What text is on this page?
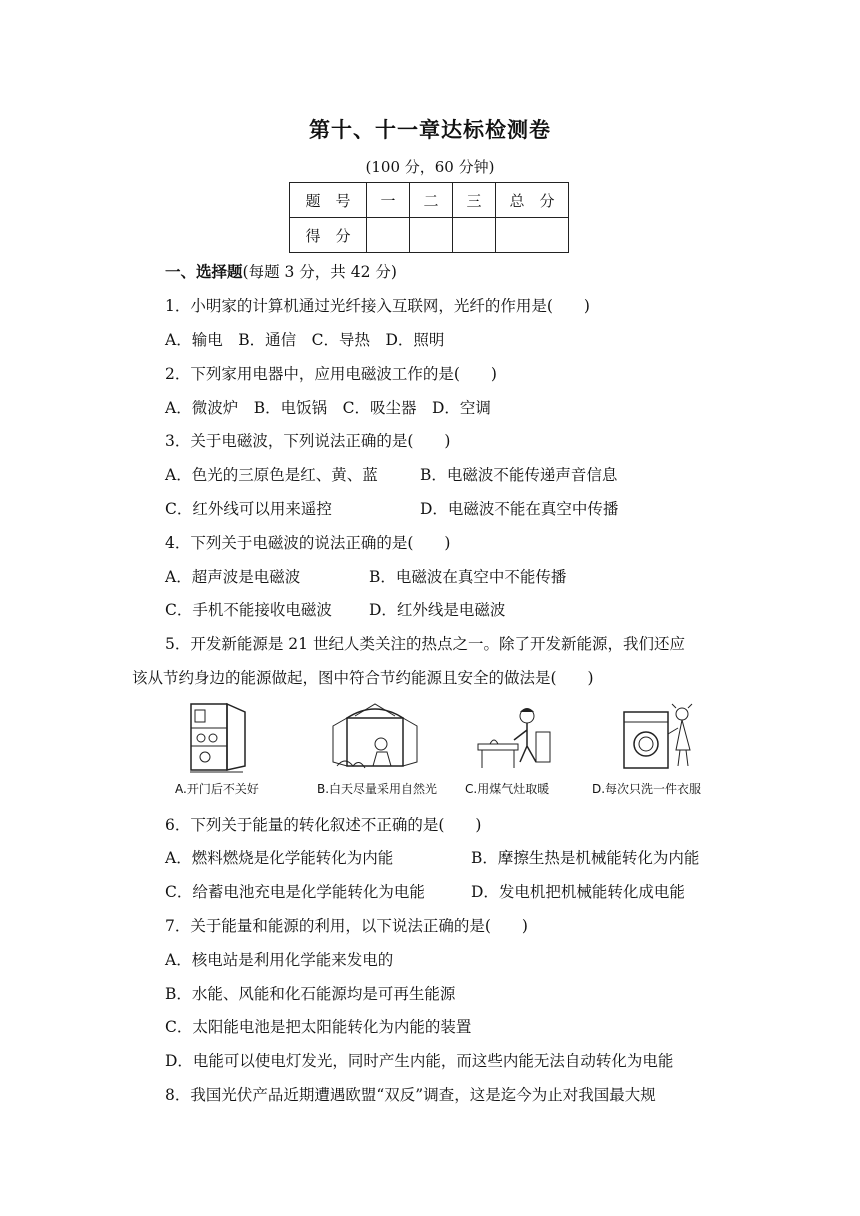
第十、十一章达标检测卷
(100 分，60 分钟)
题　号	一	二	三	总　分
得　分				
一、选择题(每题 3 分，共 42 分)
1．小明家的计算机通过光纤接入互联网，光纤的作用是(　　)
A．输电　B．通信　C．导热　D．照明
2．下列家用电器中，应用电磁波工作的是(　　)
A．微波炉　B．电饭锅　C．吸尘器　D．空调
3．关于电磁波，下列说法正确的是(　　)
A．色光的三原色是红、黄、蓝	B．电磁波不能传递声音信息
C．红外线可以用来遥控	D．电磁波不能在真空中传播
4．下列关于电磁波的说法正确的是(　　)
A．超声波是电磁波	B．电磁波在真空中不能传播
C．手机不能接收电磁波 D．红外线是电磁波
5．开发新能源是 21 世纪人类关注的热点之一。除了开发新能源，我们还应
该从节约身边的能源做起，图中符合节约能源且安全的做法是(　　)
A.开门后不关好	B.白天尽量采用自然光 C.用煤气灶取暖	D.每次只洗一件衣服
6．下列关于能量的转化叙述不正确的是(　　)
A．燃料燃烧是化学能转化为内能	B．摩擦生热是机械能转化为内能
C．给蓄电池充电是化学能转化为电能	D．发电机把机械能转化成电能
7．关于能量和能源的利用，以下说法正确的是(　　)
A．核电站是利用化学能来发电的
B．水能、风能和化石能源均是可再生能源
C．太阳能电池是把太阳能转化为内能的装置
D．电能可以使电灯发光，同时产生内能，而这些内能无法自动转化为电能
8．我国光伏产品近期遭遇欧盟“双反”调查，这是迄今为止对我国最大规
